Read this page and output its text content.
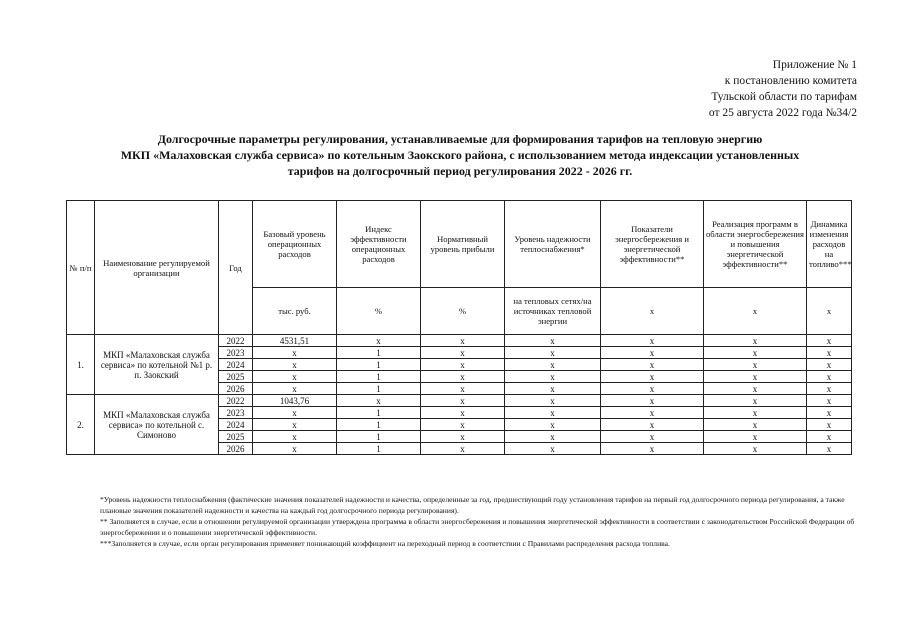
Приложение № 1
к постановлению комитета
Тульской области по тарифам
от 25 августа 2022 года №34/2
Долгосрочные параметры регулирования, устанавливаемые для формирования тарифов на тепловую энергию
МКП «Малаховская служба сервиса» по котельным Заокского района, с использованием метода индексации установленных
тарифов на долгосрочный период регулирования 2022 - 2026 гг.
№ п/п	Наименование регулируемой организации	Год	Базовый уровень операционных расходов	Индекс эффективности операционных расходов	Нормативный уровень прибыли	Уровень надежности теплоснабжения*	Показатели энергосбережения и энергетической эффективности**	Реализация программ в области энергосбережения и повышения энергетической эффективности**	Динамика изменения расходов на топливо***
			тыс. руб.	%	%	на тепловых сетях/на источниках тепловой энергии	х	х	х
1.	МКП «Малаховская служба сервиса» по котельной №1 р. п. Заокский	2022	4531,51	х	х	х	х	х	х
		2023	х	1	х	х	х	х	х
		2024	х	1	х	х	х	х	х
		2025	х	1	х	х	х	х	х
		2026	х	1	х	х	х	х	х
2.	МКП «Малаховская служба сервиса» по котельной с. Симоново	2022	1043,76	х	х	х	х	х	х
		2023	х	1	х	х	х	х	х
		2024	х	1	х	х	х	х	х
		2025	х	1	х	х	х	х	х
		2026	х	1	х	х	х	х	х

*Уровень надежности теплоснабжения (фактические значения показателей надежности и качества, определенные за год, предшествующий году установления тарифов на первый год долгосрочного периода регулирования, а также плановые значения показателей надежности и качества на каждый год долгосрочного периода регулирования).

** Заполняется в случае, если в отношении регулируемой организации утверждена программа в области энергосбережения и повышения энергетической эффективности в соответствии с законодательством Российской Федерации об энергосбережении и о повышении энергетической эффективности.

***Заполняется в случае, если орган регулирования применяет понижающий коэффициент на переходный период в соответствии с Правилами распределения расхода топлива.
